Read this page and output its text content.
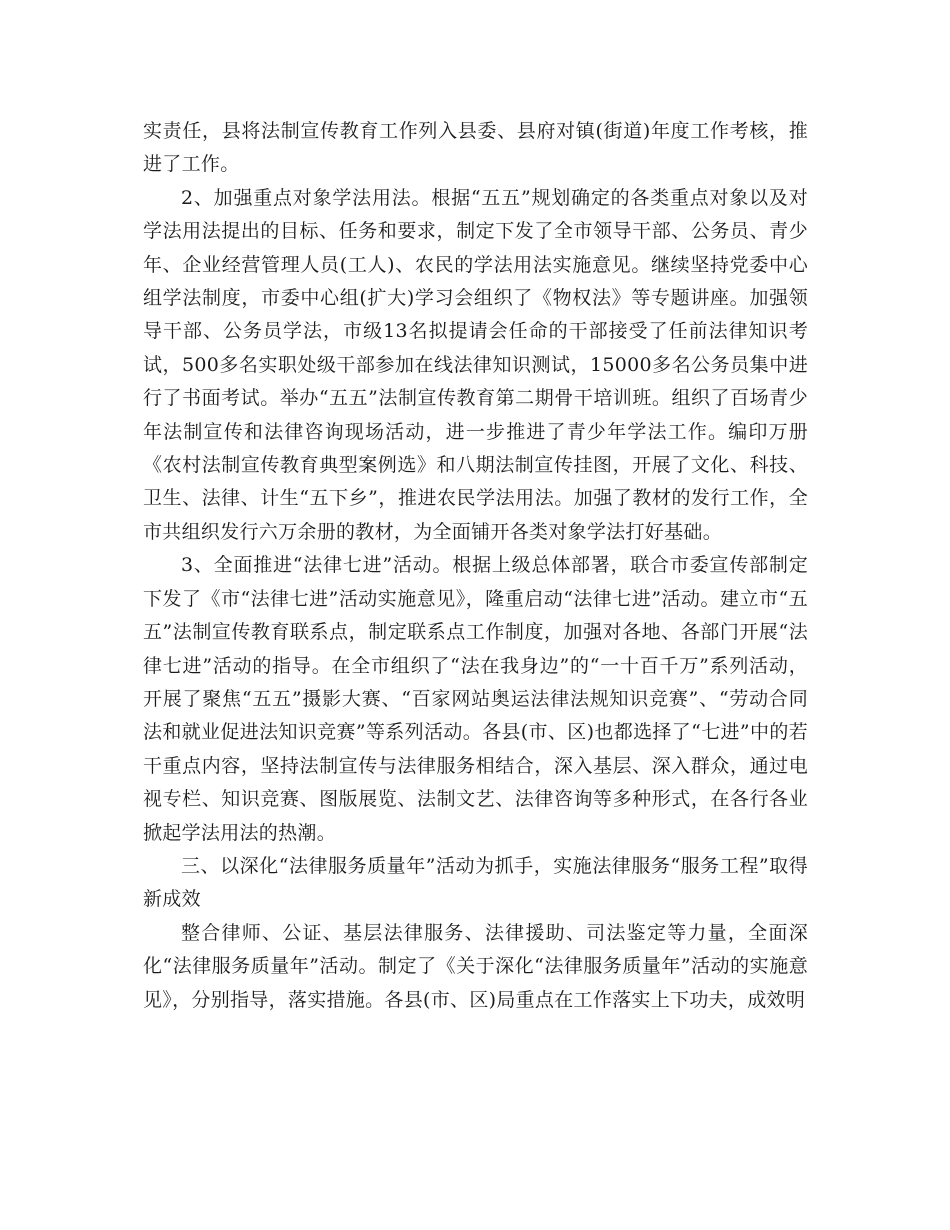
实责任，县将法制宣传教育工作列入县委、县府对镇(街道)年度工作考核，推进了工作。

2、加强重点对象学法用法。根据“五五”规划确定的各类重点对象以及对学法用法提出的目标、任务和要求，制定下发了全市领导干部、公务员、青少年、企业经营管理人员(工人)、农民的学法用法实施意见。继续坚持党委中心组学法制度，市委中心组(扩大)学习会组织了《物权法》等专题讲座。加强领导干部、公务员学法，市级13名拟提请会任命的干部接受了任前法律知识考试，500多名实职处级干部参加在线法律知识测试，15000多名公务员集中进行了书面考试。举办“五五”法制宣传教育第二期骨干培训班。组织了百场青少年法制宣传和法律咨询现场活动，进一步推进了青少年学法工作。编印万册《农村法制宣传教育典型案例选》和八期法制宣传挂图，开展了文化、科技、卫生、法律、计生“五下乡”，推进农民学法用法。加强了教材的发行工作，全市共组织发行六万余册的教材，为全面铺开各类对象学法打好基础。

3、全面推进“法律七进”活动。根据上级总体部署，联合市委宣传部制定下发了《市“法律七进”活动实施意见》，隆重启动“法律七进”活动。建立市“五五”法制宣传教育联系点，制定联系点工作制度，加强对各地、各部门开展“法律七进”活动的指导。在全市组织了“法在我身边”的“一十百千万”系列活动，开展了聚焦“五五”摄影大赛、“百家网站奥运法律法规知识竞赛”、“劳动合同法和就业促进法知识竞赛”等系列活动。各县(市、区)也都选择了“七进”中的若干重点内容，坚持法制宣传与法律服务相结合，深入基层、深入群众，通过电视专栏、知识竞赛、图版展览、法制文艺、法律咨询等多种形式，在各行各业掀起学法用法的热潮。

三、以深化“法律服务质量年”活动为抓手，实施法律服务“服务工程”取得新成效

整合律师、公证、基层法律服务、法律援助、司法鉴定等力量，全面深化“法律服务质量年”活动。制定了《关于深化“法律服务质量年”活动的实施意见》，分别指导，落实措施。各县(市、区)局重点在工作落实上下功夫，成效明
